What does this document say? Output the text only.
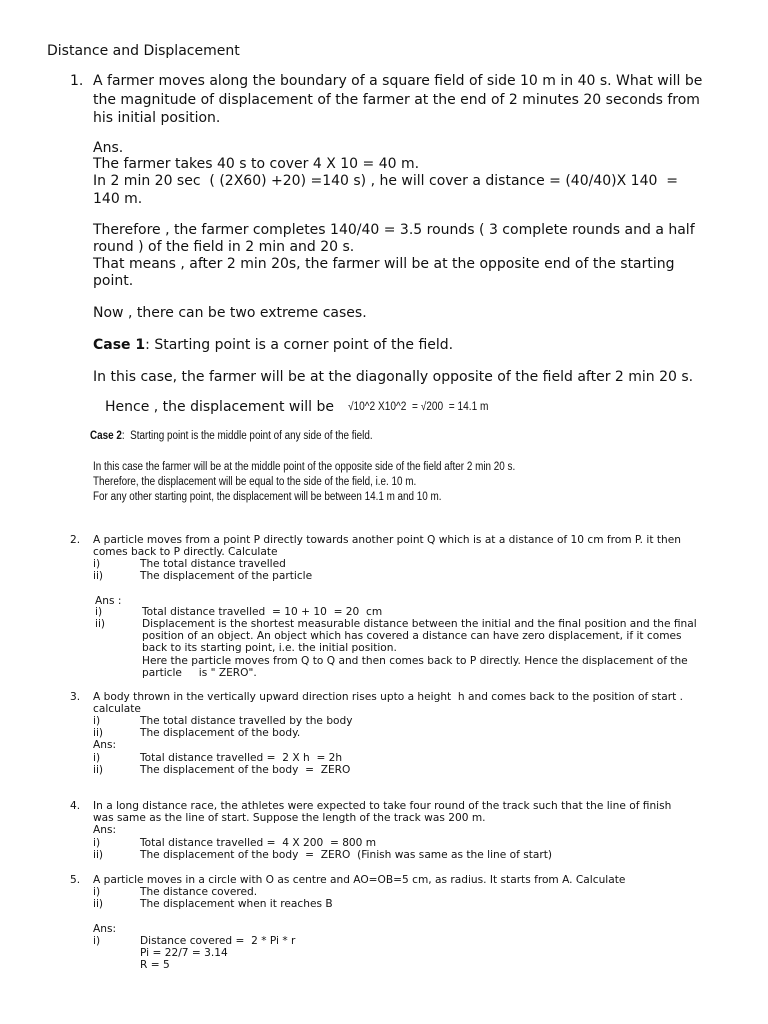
Distance and Displacement
1. A farmer moves along the boundary of a square field of side 10 m in 40 s. What will be
the magnitude of displacement of the farmer at the end of 2 minutes 20 seconds from
his initial position.
Ans.
The farmer takes 40 s to cover 4 X 10 = 40 m.
In 2 min 20 sec  ( (2X60) +20) =140 s) , he will cover a distance = (40/40)X 140  =
140 m.
Therefore , the farmer completes 140/40 = 3.5 rounds ( 3 complete rounds and a half
round ) of the field in 2 min and 20 s.
That means , after 2 min 20s, the farmer will be at the opposite end of the starting
point.
Now , there can be two extreme cases.
Case 1: Starting point is a corner point of the field.
In this case, the farmer will be at the diagonally opposite of the field after 2 min 20 s.
Hence , the displacement will be √10^2 X10^2  = √200  = 14.1 m
Case 2:  Starting point is the middle point of any side of the field.
In this case the farmer will be at the middle point of the opposite side of the field after 2 min 20 s.
Therefore, the displacement will be equal to the side of the field, i.e. 10 m.
For any other starting point, the displacement will be between 14.1 m and 10 m.
2. A particle moves from a point P directly towards another point Q which is at a distance of 10 cm from P. it then
comes back to P directly. Calculate
i)	The total distance travelled
ii)	The displacement of the particle
Ans :
i)	Total distance travelled  = 10 + 10  = 20  cm
ii)	Displacement is the shortest measurable distance between the initial and the final position and the final
position of an object. An object which has covered a distance can have zero displacement, if it comes
back to its starting point, i.e. the initial position.
Here the particle moves from Q to Q and then comes back to P directly. Hence the displacement of the
particle     is " ZERO".
3. A body thrown in the vertically upward direction rises upto a height  h and comes back to the position of start .
calculate
i)	The total distance travelled by the body
ii)	The displacement of the body.
Ans:
i)	Total distance travelled =  2 X h  = 2h
ii)	The displacement of the body  =  ZERO
4. In a long distance race, the athletes were expected to take four round of the track such that the line of finish
was same as the line of start. Suppose the length of the track was 200 m.
Ans:
i)	Total distance travelled =  4 X 200  = 800 m
ii)	The displacement of the body  =  ZERO  (Finish was same as the line of start)
5. A particle moves in a circle with O as centre and AO=OB=5 cm, as radius. It starts from A. Calculate
i)	The distance covered.
ii)	The displacement when it reaches B
Ans:
i)	Distance covered =  2 * Pi * r
Pi = 22/7 = 3.14
R = 5
